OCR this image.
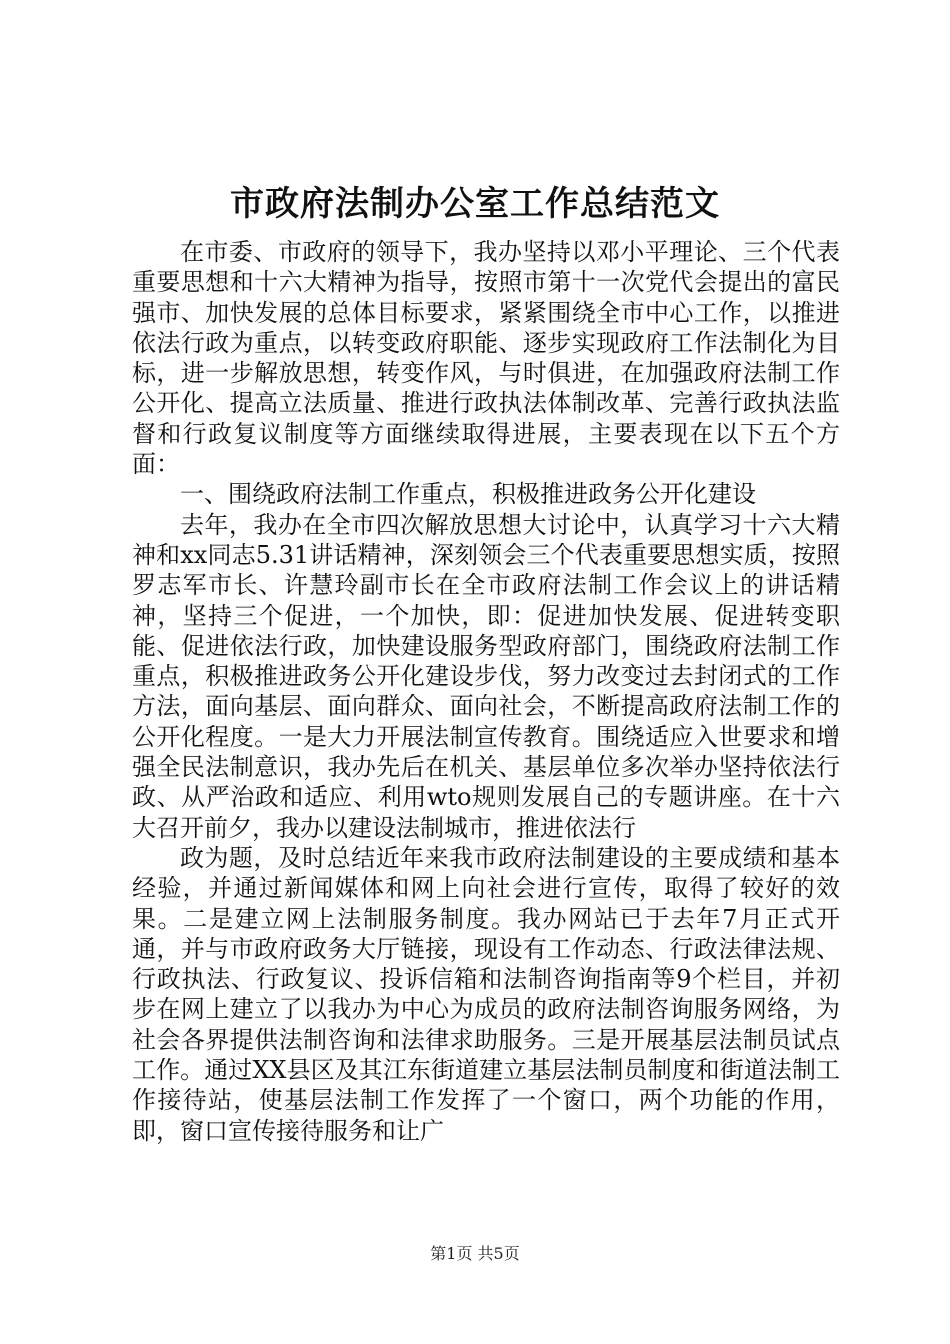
市政府法制办公室工作总结范文

在市委、市政府的领导下，我办坚持以邓小平理论、三个代表重要思想和十六大精神为指导，按照市第十一次党代会提出的富民强市、加快发展的总体目标要求，紧紧围绕全市中心工作，以推进依法行政为重点，以转变政府职能、逐步实现政府工作法制化为目标，进一步解放思想，转变作风，与时俱进，在加强政府法制工作公开化、提高立法质量、推进行政执法体制改革、完善行政执法监督和行政复议制度等方面继续取得进展，主要表现在以下五个方面：

一、围绕政府法制工作重点，积极推进政务公开化建设

去年，我办在全市四次解放思想大讨论中，认真学习十六大精神和xx同志5.31讲话精神，深刻领会三个代表重要思想实质，按照罗志军市长、许慧玲副市长在全市政府法制工作会议上的讲话精神，坚持三个促进，一个加快，即：促进加快发展、促进转变职能、促进依法行政，加快建设服务型政府部门，围绕政府法制工作重点，积极推进政务公开化建设步伐，努力改变过去封闭式的工作方法，面向基层、面向群众、面向社会，不断提高政府法制工作的公开化程度。一是大力开展法制宣传教育。围绕适应入世要求和增强全民法制意识，我办先后在机关、基层单位多次举办坚持依法行政、从严治政和适应、利用wto规则发展自己的专题讲座。在十六大召开前夕，我办以建设法制城市，推进依法行

政为题，及时总结近年来我市政府法制建设的主要成绩和基本经验，并通过新闻媒体和网上向社会进行宣传，取得了较好的效果。二是建立网上法制服务制度。我办网站已于去年7月正式开通，并与市政府政务大厅链接，现设有工作动态、行政法律法规、行政执法、行政复议、投诉信箱和法制咨询指南等9个栏目，并初步在网上建立了以我办为中心为成员的政府法制咨询服务网络，为社会各界提供法制咨询和法律求助服务。三是开展基层法制员试点工作。通过XX县区及其江东街道建立基层法制员制度和街道法制工作接待站，使基层法制工作发挥了一个窗口，两个功能的作用，即，窗口宣传接待服务和让广

第1页 共5页
